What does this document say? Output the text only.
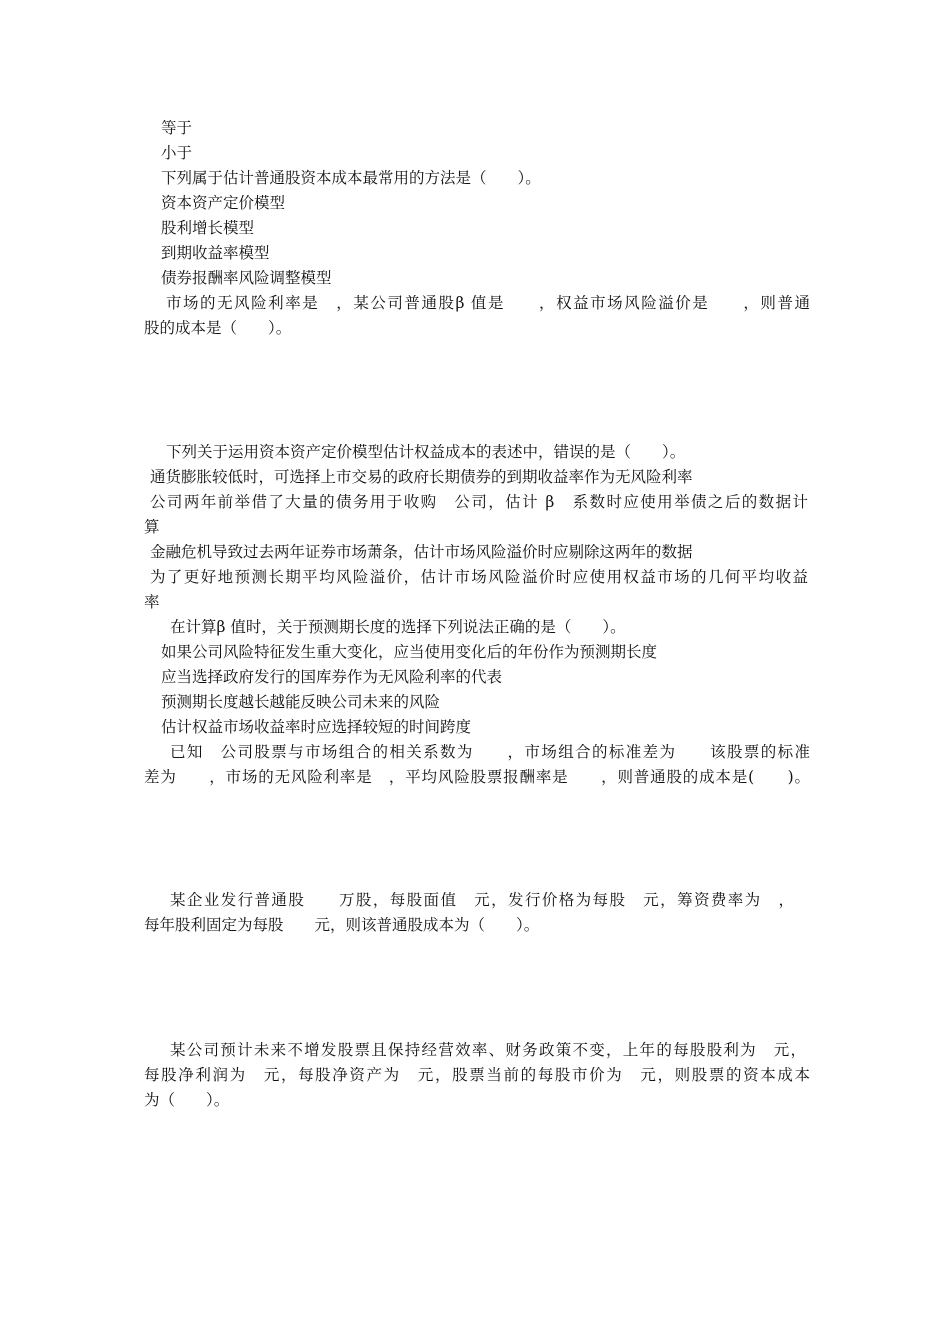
等于
小于
下列属于估计普通股资本成本最常用的方法是（　　）。
资本资产定价模型
股利增长模型
到期收益率模型
债券报酬率风险调整模型
市场的无风险利率是　，某公司普通股β 值是　　，权益市场风险溢价是　　，则普通
股的成本是（　　）。
下列关于运用资本资产定价模型估计权益成本的表述中，错误的是（　　）。
通货膨胀较低时，可选择上市交易的政府长期债券的到期收益率作为无风险利率
公司两年前举借了大量的债务用于收购　公司，估计 β　系数时应使用举债之后的数据计
算
金融危机导致过去两年证券市场萧条，估计市场风险溢价时应剔除这两年的数据
为了更好地预测长期平均风险溢价，估计市场风险溢价时应使用权益市场的几何平均收益
率
在计算β 值时，关于预测期长度的选择下列说法正确的是（　　）。
如果公司风险特征发生重大变化，应当使用变化后的年份作为预测期长度
应当选择政府发行的国库券作为无风险利率的代表
预测期长度越长越能反映公司未来的风险
估计权益市场收益率时应选择较短的时间跨度
已知　公司股票与市场组合的相关系数为　　，市场组合的标准差为　　该股票的标准
差为　　，市场的无风险利率是　，平均风险股票报酬率是　　，则普通股的成本是(　　)。
某企业发行普通股　　万股，每股面值　元，发行价格为每股　元，筹资费率为　，
每年股利固定为每股　　元，则该普通股成本为（　　）。
某公司预计未来不增发股票且保持经营效率、财务政策不变，上年的每股股利为　元，
每股净利润为　元，每股净资产为　元，股票当前的每股市价为　元，则股票的资本成本
为（　　）。
